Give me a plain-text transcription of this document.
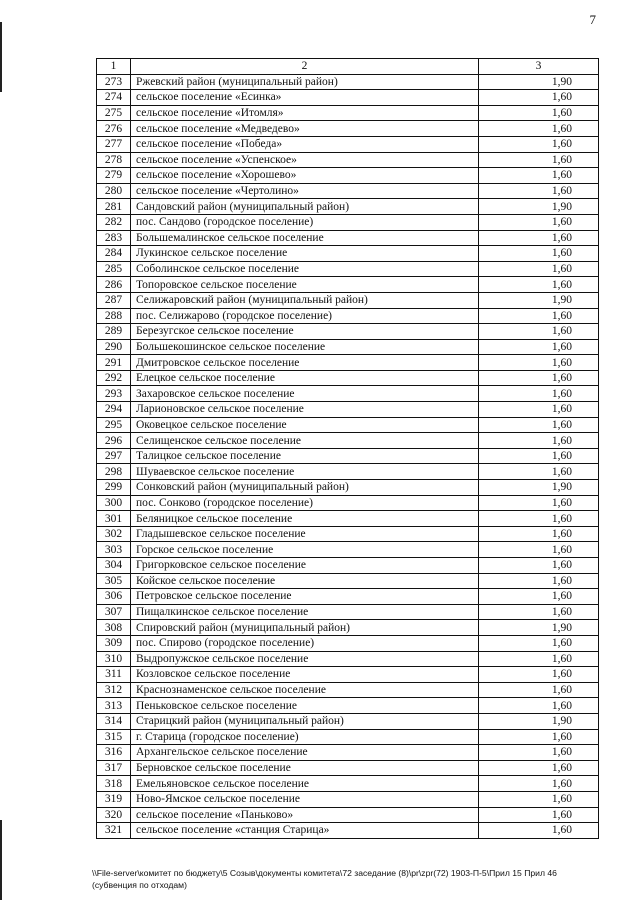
7
1	2	3
273	Ржевский район (муниципальный район)	1,90
274	сельское поселение «Есинка»	1,60
275	сельское поселение «Итомля»	1,60
276	сельское поселение «Медведево»	1,60
277	сельское поселение «Победа»	1,60
278	сельское поселение «Успенское»	1,60
279	сельское поселение «Хорошево»	1,60
280	сельское поселение «Чертолино»	1,60
281	Сандовский район (муниципальный район)	1,90
282	пос. Сандово (городское поселение)	1,60
283	Большемалинское сельское поселение	1,60
284	Лукинское сельское поселение	1,60
285	Соболинское сельское поселение	1,60
286	Топоровское сельское поселение	1,60
287	Селижаровский район (муниципальный район)	1,90
288	пос. Селижарово (городское поселение)	1,60
289	Березугское сельское поселение	1,60
290	Большекошинское сельское поселение	1,60
291	Дмитровское сельское поселение	1,60
292	Елецкое сельское поселение	1,60
293	Захаровское сельское поселение	1,60
294	Ларионовское сельское поселение	1,60
295	Оковецкое сельское поселение	1,60
296	Селищенское сельское поселение	1,60
297	Талицкое сельское поселение	1,60
298	Шуваевское сельское поселение	1,60
299	Сонковский район (муниципальный район)	1,90
300	пос. Сонково (городское поселение)	1,60
301	Беляницкое сельское поселение	1,60
302	Гладышевское сельское поселение	1,60
303	Горское сельское поселение	1,60
304	Григорковское сельское поселение	1,60
305	Койское сельское поселение	1,60
306	Петровское сельское поселение	1,60
307	Пищалкинское сельское поселение	1,60
308	Спировский район (муниципальный район)	1,90
309	пос. Спирово (городское поселение)	1,60
310	Выдропужское сельское поселение	1,60
311	Козловское сельское поселение	1,60
312	Краснознаменское сельское поселение	1,60
313	Пеньковское сельское поселение	1,60
314	Старицкий район (муниципальный район)	1,90
315	г. Старица (городское поселение)	1,60
316	Архангельское сельское поселение	1,60
317	Берновское сельское поселение	1,60
318	Емельяновское сельское поселение	1,60
319	Ново-Ямское сельское поселение	1,60
320	сельское поселение «Паньково»	1,60
321	сельское поселение «станция Старица»	1,60
\\File-server\комитет по бюджету\5 Созыв\документы комитета\72 заседание (8)\pr\zpr(72) 1903-П-5\Прил 15 Прил 46
(субвенция по отходам)
